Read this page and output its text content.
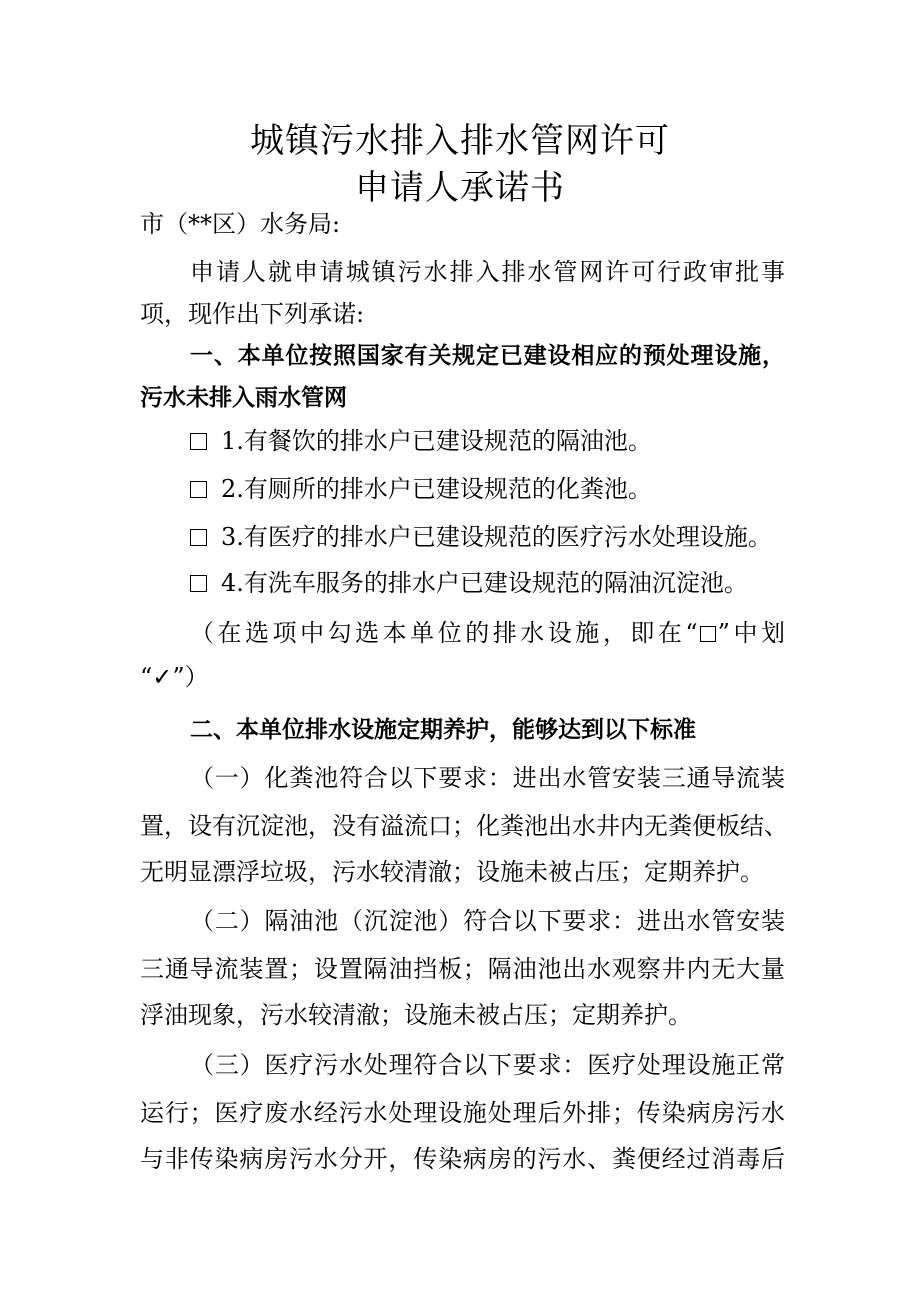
城镇污水排入排水管网许可
申请人承诺书
市（**区）水务局:
申请人就申请城镇污水排入排水管网许可行政审批事
项，现作出下列承诺:
一、本单位按照国家有关规定已建设相应的预处理设施，
污水未排入雨水管网
1.有餐饮的排水户已建设规范的隔油池。
2.有厕所的排水户已建设规范的化粪池。
3.有医疗的排水户已建设规范的医疗污水处理设施。
4.有洗车服务的排水户已建设规范的隔油沉淀池。
（在选项中勾选本单位的排水设施，即在“ ”中划
“✓”）
二、本单位排水设施定期养护，能够达到以下标准
（一）化粪池符合以下要求：进出水管安装三通导流装
置，设有沉淀池，没有溢流口；化粪池出水井内无粪便板结、
无明显漂浮垃圾，污水较清澈；设施未被占压；定期养护。
（二）隔油池（沉淀池）符合以下要求：进出水管安装
三通导流装置；设置隔油挡板；隔油池出水观察井内无大量
浮油现象，污水较清澈；设施未被占压；定期养护。
（三）医疗污水处理符合以下要求：医疗处理设施正常
运行；医疗废水经污水处理设施处理后外排；传染病房污水
与非传染病房污水分开，传染病房的污水、粪便经过消毒后
